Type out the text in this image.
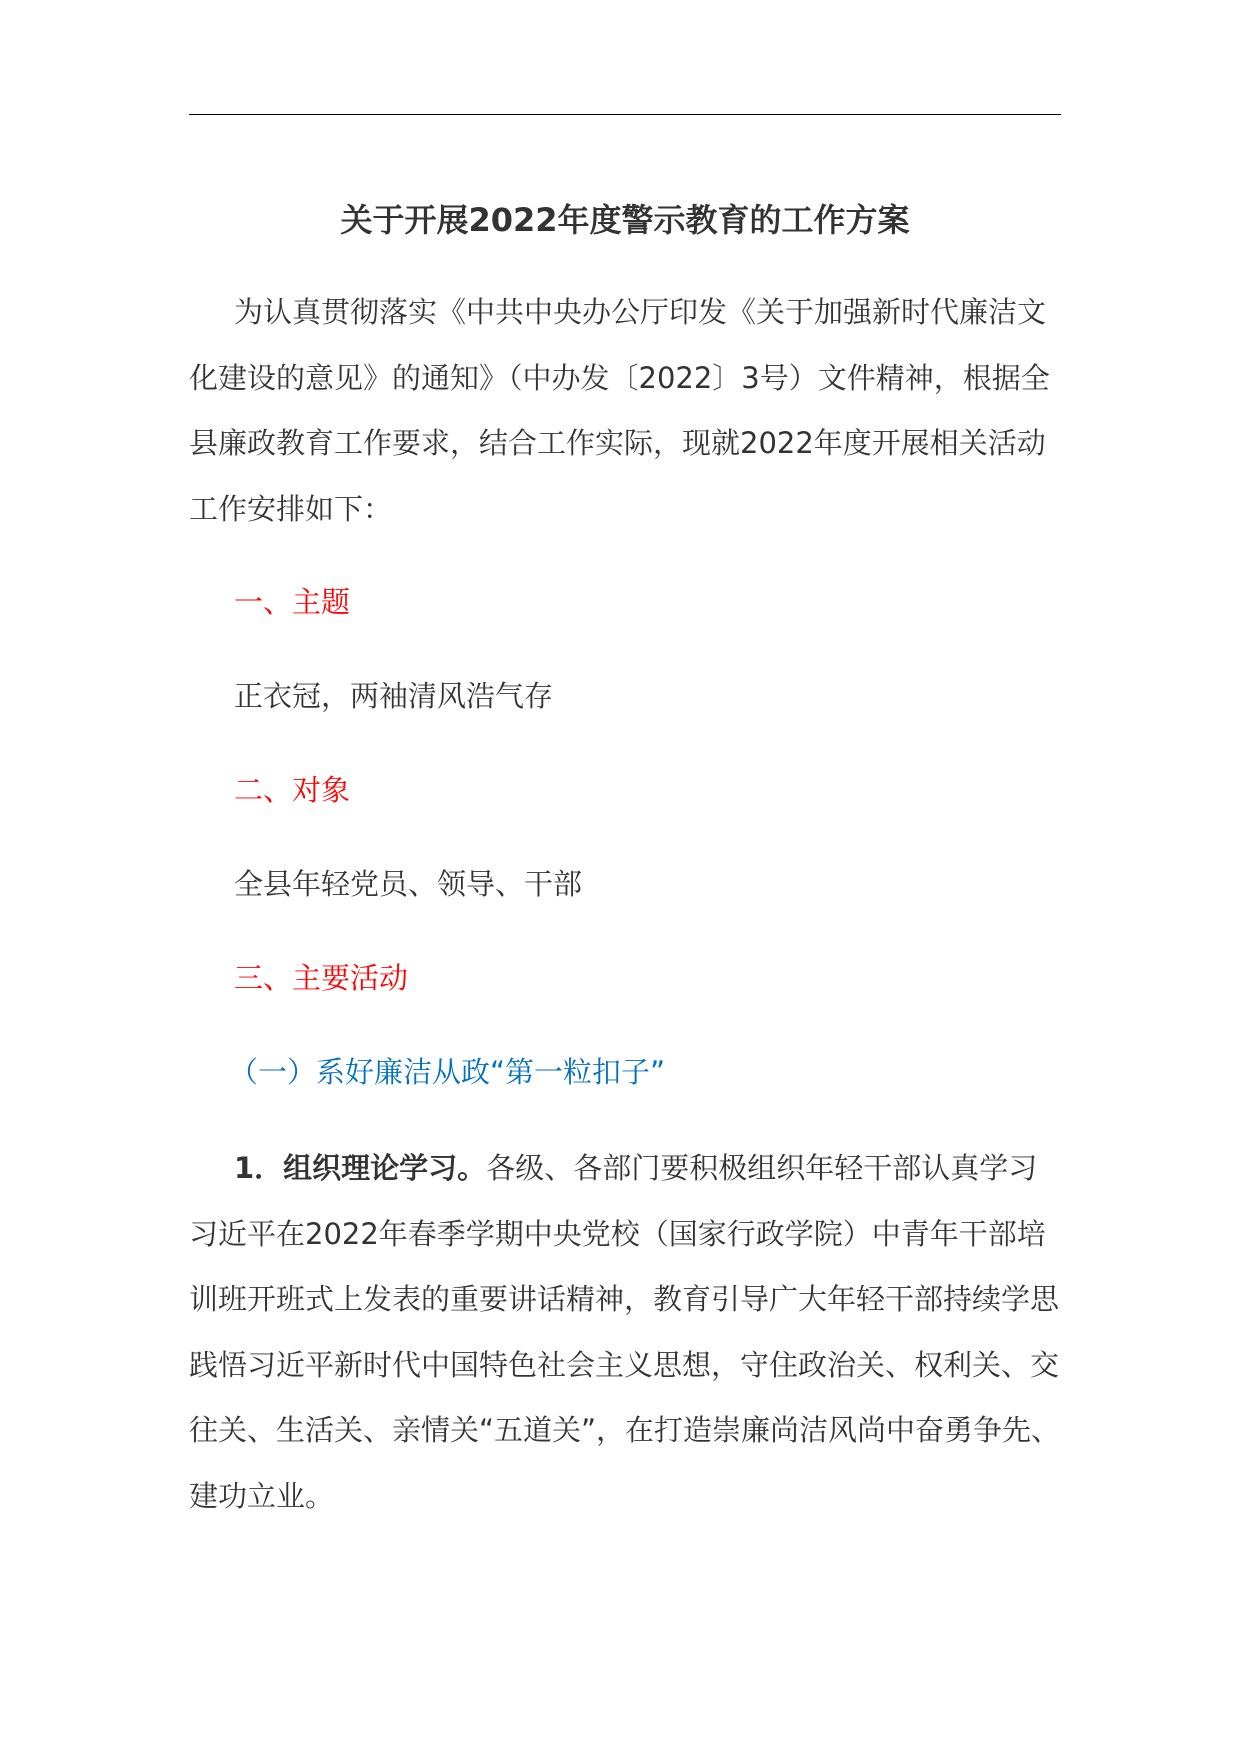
关于开展2022年度警示教育的工作方案
为认真贯彻落实《中共中央办公厅印发《关于加强新时代廉洁文化建设的意见》的通知》（中办发〔2022〕3号）文件精神，根据全县廉政教育工作要求，结合工作实际，现就2022年度开展相关活动工作安排如下：
一、主题
正衣冠，两袖清风浩气存
二、对象
全县年轻党员、领导、干部
三、主要活动
（一）系好廉洁从政“第一粒扣子”
1．组织理论学习。各级、各部门要积极组织年轻干部认真学习习近平在2022年春季学期中央党校（国家行政学院）中青年干部培训班开班式上发表的重要讲话精神，教育引导广大年轻干部持续学思践悟习近平新时代中国特色社会主义思想，守住政治关、权利关、交往关、生活关、亲情关“五道关”，在打造崇廉尚洁风尚中奋勇争先、建功立业。
